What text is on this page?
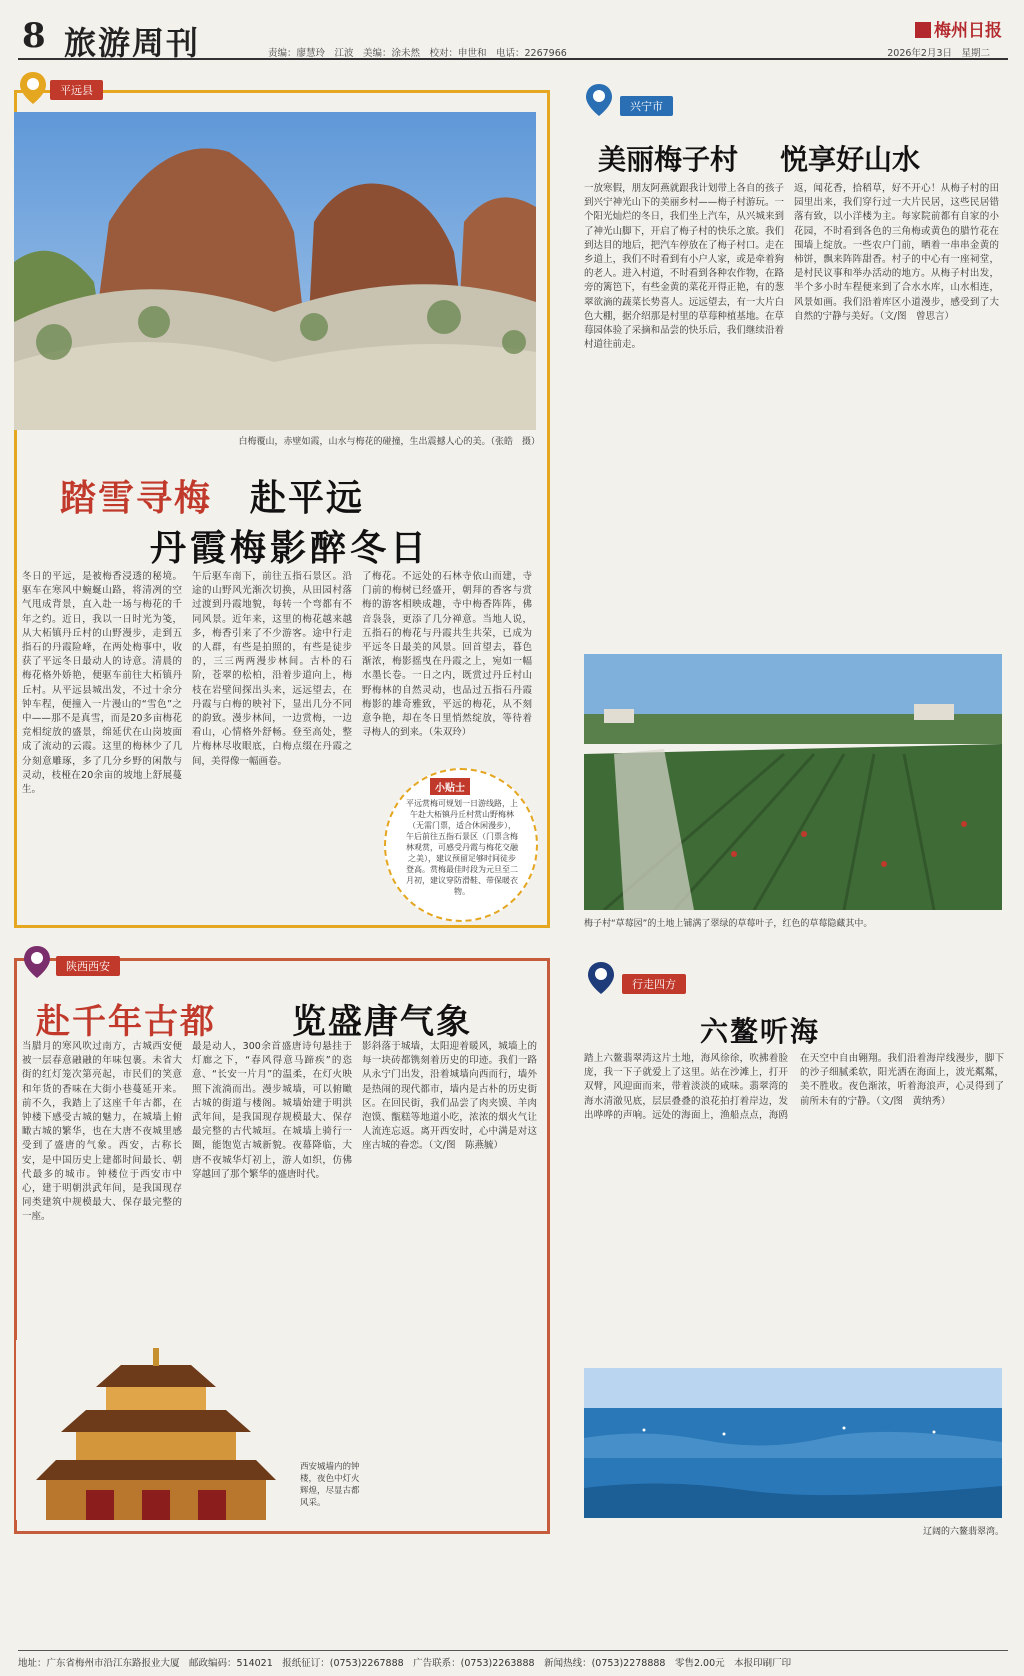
8 旅游周刊	责编：廖慧玲　江波　美编：涂未然　校对：申世和　电话：2267966	2026年2月3日　星期二
梅州日报
平远县
白梅覆山，赤壁如霞，山水与梅花的碰撞，生出震撼人心的美。（张皓　摄）
踏雪寻梅 赴平远
丹霞梅影醉冬日
冬日的平远，是被梅香浸透的秘境。驱车在寒风中蜿蜒山路，将清冽的空气甩成背景，直入赴一场与梅花的千年之约。近日，我以一日时光为笺，从大柘镇丹丘村的山野漫步，走到五指石的丹霞险峰，在两处梅事中，收获了平远冬日最动人的诗意。清晨的梅花格外娇艳，便驱车前往大柘镇丹丘村。从平远县城出发，不过十余分钟车程，便撞入一片漫山的“雪色”之中——那不是真雪，而是20多亩梅花竞相绽放的盛景，绵延伏在山岗坡面成了流动的云霞。这里的梅林少了几分刻意雕琢，多了几分乡野的闲散与灵动，枝桠在20余亩的坡地上舒展蔓生。
午后驱车南下，前往五指石景区。沿途的山野风光渐次切换，从田园村落过渡到丹霞地貌，每转一个弯都有不同风景。近年来，这里的梅花越来越多，梅香引来了不少游客。途中行走的人群，有些是拍照的，有些是徒步的，三三两两漫步林间。古朴的石阶，苍翠的松柏，沿着步道向上，梅枝在岩壁间探出头来，远远望去，在丹霞与白梅的映衬下，显出几分不同的韵致。漫步林间，一边赏梅，一边看山，心情格外舒畅。登至高处，整片梅林尽收眼底，白梅点缀在丹霞之间，美得像一幅画卷。
了梅花。不远处的石林寺依山而建，寺门前的梅树已经盛开，朝拜的香客与赏梅的游客相映成趣，寺中梅香阵阵，佛音袅袅，更添了几分禅意。当地人说，五指石的梅花与丹霞共生共荣，已成为平远冬日最美的风景。回首望去，暮色渐浓，梅影摇曳在丹霞之上，宛如一幅水墨长卷。一日之内，既赏过丹丘村山野梅林的自然灵动，也品过五指石丹霞梅影的雄奇雅致，平远的梅花，从不刻意争艳，却在冬日里悄然绽放，等待着寻梅人的到来。（朱双玲）
小贴士
平远赏梅可规划一日游线路，上午赴大柘镇丹丘村赏山野梅林（无需门票，适合休闲漫步），午后前往五指石景区（门票含梅林观赏，可感受丹霞与梅花交融之美），建议预留足够时间徒步登高。赏梅最佳时段为元旦至二月初，建议穿防滑鞋、带保暖衣物。
兴宁市
美丽梅子村 悦享好山水
一放寒假，朋友阿燕就跟我计划带上各自的孩子到兴宁神光山下的美丽乡村——梅子村游玩。一个阳光灿烂的冬日，我们坐上汽车，从兴城来到了神光山脚下，开启了梅子村的快乐之旅。我们到达目的地后，把汽车停放在了梅子村口。走在乡道上，我们不时看到有小户人家，或是牵着狗的老人。进入村道，不时看到各种农作物，在路旁的篱笆下，有些金黄的菜花开得正艳，有的葱翠欲滴的蔬菜长势喜人。远远望去，有一大片白色大棚，据介绍那是村里的草莓种植基地。在草莓园体验了采摘和品尝的快乐后，我们继续沿着村道往前走。
返，闻花香，拾稻草，好不开心！从梅子村的田园里出来，我们穿行过一大片民居，这些民居错落有致，以小洋楼为主。每家院前都有自家的小花园，不时看到各色的三角梅或黄色的腊竹花在围墙上绽放。一些农户门前，晒着一串串金黄的柿饼，飘来阵阵甜香。村子的中心有一座祠堂，是村民议事和举办活动的地方。从梅子村出发，半个多小时车程便来到了合水水库，山水相连，风景如画。我们沿着库区小道漫步，感受到了大自然的宁静与美好。（文/图　曾思言）
梅子村“草莓园”的土地上铺满了翠绿的草莓叶子，红色的草莓隐藏其中。
陕西西安
赴千年古都 览盛唐气象
当腊月的寒风吹过南方，古城西安便被一层春意融融的年味包裹。未省大街的红灯笼次第亮起，市民们的笑意和年货的香味在大街小巷蔓延开来。前不久，我踏上了这座千年古都，在钟楼下感受古城的魅力，在城墙上俯瞰古城的繁华，也在大唐不夜城里感受到了盛唐的气象。西安，古称长安，是中国历史上建都时间最长、朝代最多的城市。钟楼位于西安市中心，建于明朝洪武年间，是我国现存同类建筑中规模最大、保存最完整的一座。
最是动人，300余首盛唐诗句悬挂于灯廊之下，“春风得意马蹄疾”的恣意、“长安一片月”的温柔，在灯火映照下流淌而出。漫步城墙，可以俯瞰古城的街道与楼阁。城墙始建于明洪武年间，是我国现存规模最大、保存最完整的古代城垣。在城墙上骑行一圈，能饱览古城新貌。夜幕降临，大唐不夜城华灯初上，游人如织，仿佛穿越回了那个繁华的盛唐时代。
影斜落于城墙，太阳迎着暖风，城墙上的每一块砖都镌刻着历史的印迹。我们一路从永宁门出发，沿着城墙向西而行，墙外是热闹的现代都市，墙内是古朴的历史街区。在回民街，我们品尝了肉夹馍、羊肉泡馍、甑糕等地道小吃，浓浓的烟火气让人流连忘返。离开西安时，心中满是对这座古城的眷恋。（文/图　陈燕毓）
西安城墙内的钟楼，夜色中灯火辉煌，尽显古都风采。
行走四方
六鳌听海
踏上六鳌翡翠湾这片土地，海风徐徐，吹拂着脸庞，我一下子就爱上了这里。站在沙滩上，打开双臂，风迎面而来，带着淡淡的咸味。翡翠湾的海水清澈见底，层层叠叠的浪花拍打着岸边，发出哗哗的声响。远处的海面上，渔船点点，海鸥在天空中自由翱翔。我们沿着海岸线漫步，脚下的沙子细腻柔软，阳光洒在海面上，波光粼粼，美不胜收。夜色渐浓，听着海浪声，心灵得到了前所未有的宁静。（文/图　黄纳秀）
辽阔的六鳌翡翠湾。
地址：广东省梅州市沿江东路报业大厦　邮政编码：514021　报纸征订：(0753)2267888　广告联系：(0753)2263888　新闻热线：(0753)2278888　零售2.00元　本报印刷厂印
